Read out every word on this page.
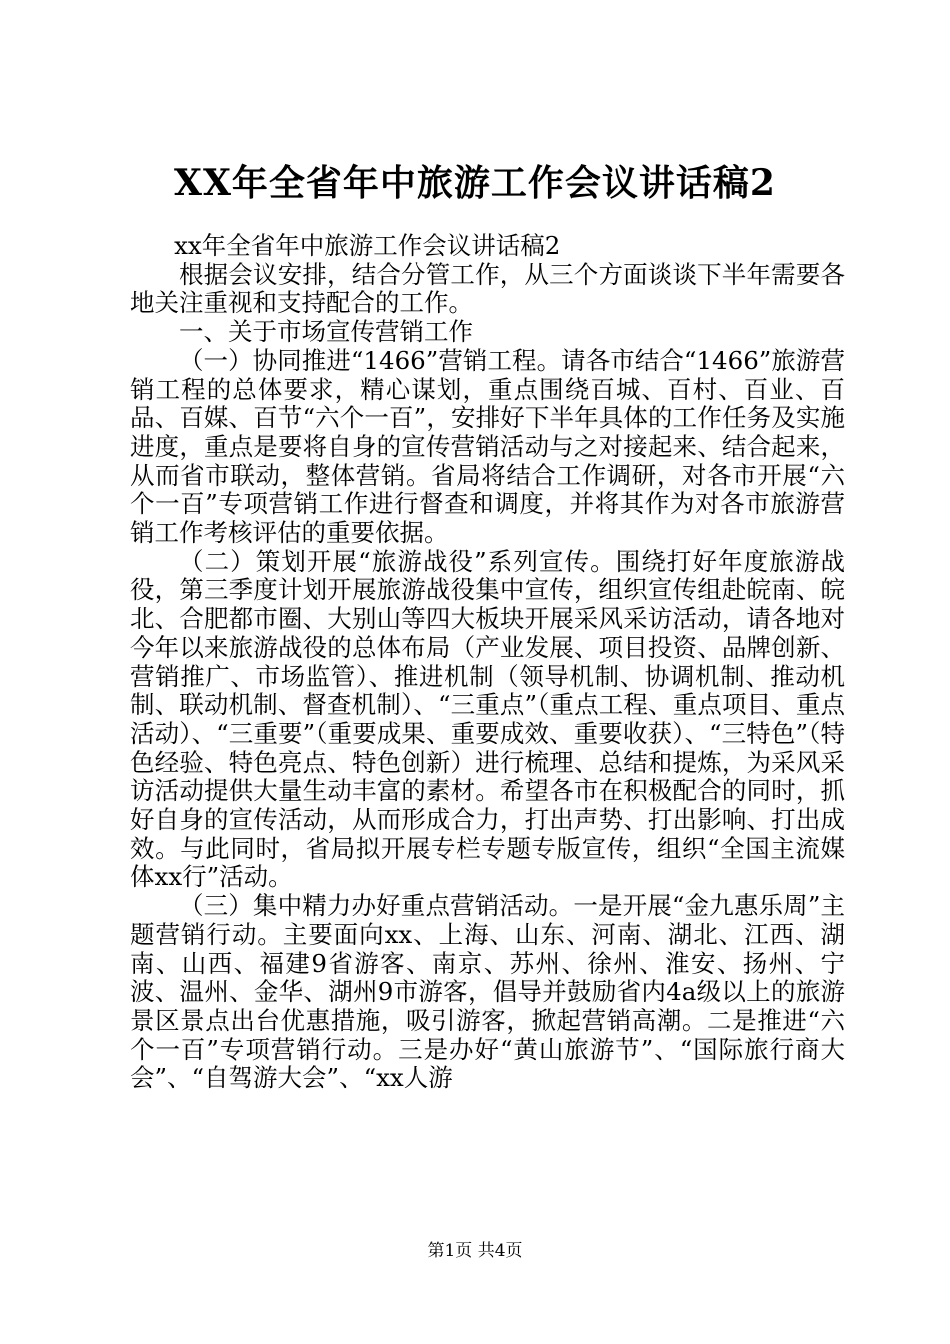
XX年全省年中旅游工作会议讲话稿2

xx年全省年中旅游工作会议讲话稿2

根据会议安排，结合分管工作，从三个方面谈谈下半年需要各地关注重视和支持配合的工作。

一、关于市场宣传营销工作

（一）协同推进“1466”营销工程。请各市结合“1466”旅游营销工程的总体要求，精心谋划，重点围绕百城、百村、百业、百品、百媒、百节“六个一百”，安排好下半年具体的工作任务及实施进度，重点是要将自身的宣传营销活动与之对接起来、结合起来，从而省市联动，整体营销。省局将结合工作调研，对各市开展“六个一百”专项营销工作进行督查和调度，并将其作为对各市旅游营销工作考核评估的重要依据。

（二）策划开展“旅游战役”系列宣传。围绕打好年度旅游战役，第三季度计划开展旅游战役集中宣传，组织宣传组赴皖南、皖北、合肥都市圈、大别山等四大板块开展采风采访活动，请各地对今年以来旅游战役的总体布局（产业发展、项目投资、品牌创新、营销推广、市场监管）、推进机制（领导机制、协调机制、推动机制、联动机制、督查机制）、“三重点”（重点工程、重点项目、重点活动）、“三重要”（重要成果、重要成效、重要收获）、“三特色”（特色经验、特色亮点、特色创新）进行梳理、总结和提炼，为采风采访活动提供大量生动丰富的素材。希望各市在积极配合的同时，抓好自身的宣传活动，从而形成合力，打出声势、打出影响、打出成效。与此同时，省局拟开展专栏专题专版宣传，组织“全国主流媒体xx行”活动。

（三）集中精力办好重点营销活动。一是开展“金九惠乐周”主题营销行动。主要面向xx、上海、山东、河南、湖北、江西、湖南、山西、福建9省游客、南京、苏州、徐州、淮安、扬州、宁波、温州、金华、湖州9市游客，倡导并鼓励省内4a级以上的旅游景区景点出台优惠措施，吸引游客，掀起营销高潮。二是推进“六个一百”专项营销行动。三是办好“黄山旅游节”、“国际旅行商大会”、“自驾游大会”、“xx人游

第1页 共4页
